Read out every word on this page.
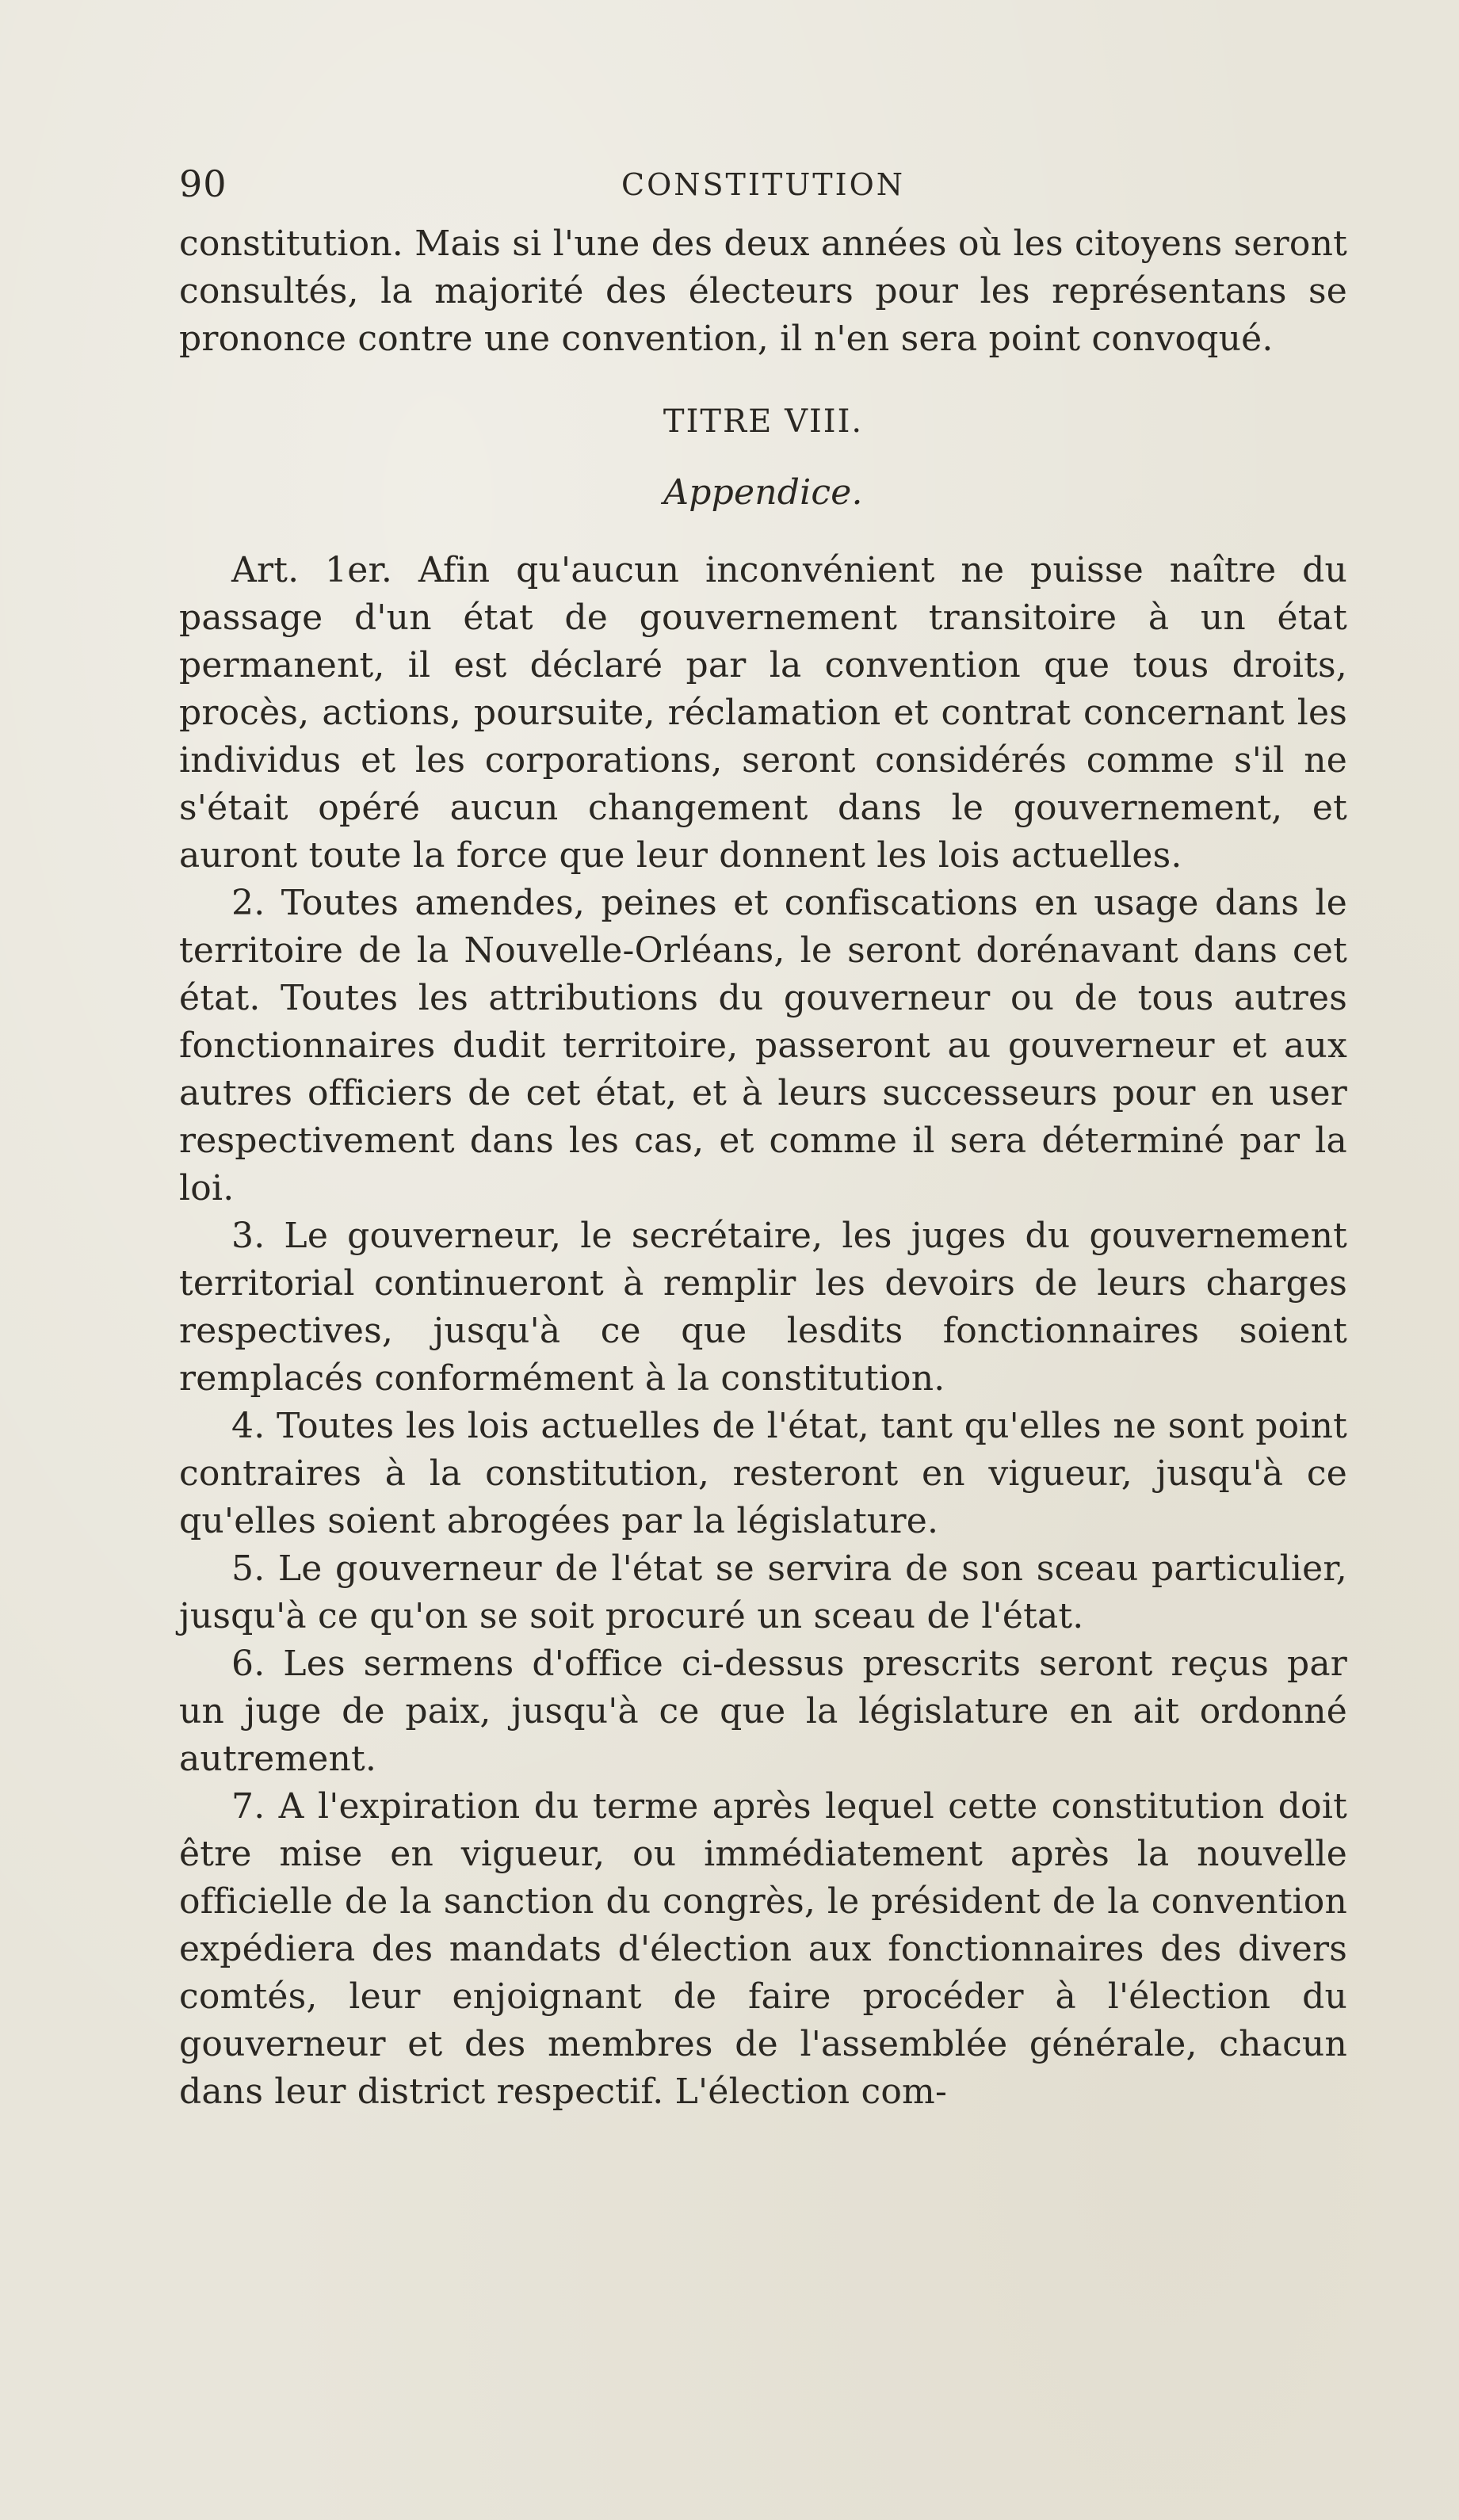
90	CONSTITUTION

constitution. Mais si l'une des deux années où les citoyens seront consultés, la majorité des électeurs pour les représentans se prononce contre une convention, il n'en sera point convoqué.

TITRE VIII.

Appendice.

Art. 1er. Afin qu'aucun inconvénient ne puisse naître du passage d'un état de gouvernement transitoire à un état permanent, il est déclaré par la convention que tous droits, procès, actions, poursuite, réclamation et contrat concernant les individus et les corporations, seront considérés comme s'il ne s'était opéré aucun changement dans le gouvernement, et auront toute la force que leur donnent les lois actuelles.

2. Toutes amendes, peines et confiscations en usage dans le territoire de la Nouvelle-Orléans, le seront dorénavant dans cet état. Toutes les attributions du gouverneur ou de tous autres fonctionnaires dudit territoire, passeront au gouverneur et aux autres officiers de cet état, et à leurs successeurs pour en user respectivement dans les cas, et comme il sera déterminé par la loi.

3. Le gouverneur, le secrétaire, les juges du gouvernement territorial continueront à remplir les devoirs de leurs charges respectives, jusqu'à ce que lesdits fonctionnaires soient remplacés conformément à la constitution.

4. Toutes les lois actuelles de l'état, tant qu'elles ne sont point contraires à la constitution, resteront en vigueur, jusqu'à ce qu'elles soient abrogées par la législature.

5. Le gouverneur de l'état se servira de son sceau particulier, jusqu'à ce qu'on se soit procuré un sceau de l'état.

6. Les sermens d'office ci-dessus prescrits seront reçus par un juge de paix, jusqu'à ce que la législature en ait ordonné autrement.

7. A l'expiration du terme après lequel cette constitution doit être mise en vigueur, ou immédiatement après la nouvelle officielle de la sanction du congrès, le président de la convention expédiera des mandats d'élection aux fonctionnaires des divers comtés, leur enjoignant de faire procéder à l'élection du gouverneur et des membres de l'assemblée générale, chacun dans leur district respectif. L'élection com-
